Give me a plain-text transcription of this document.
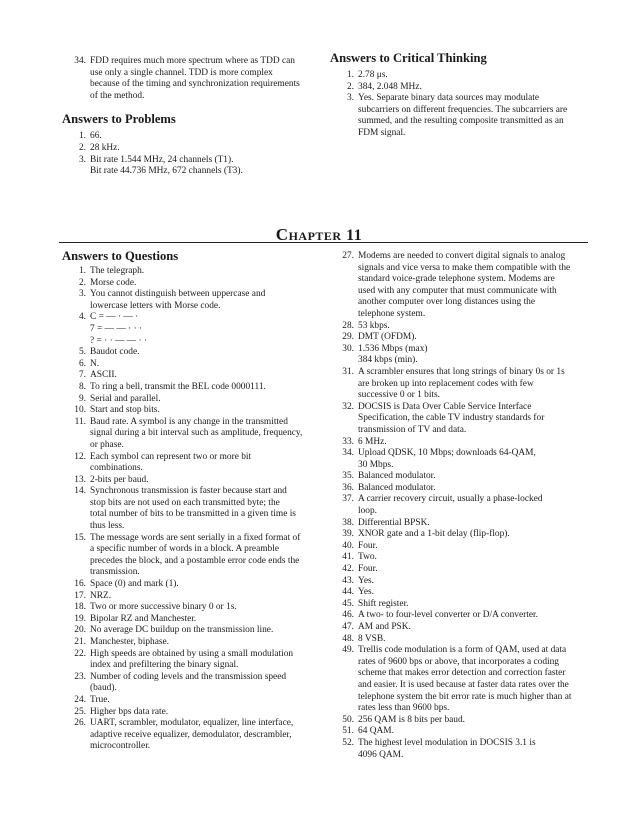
34. FDD requires much more spectrum where as TDD can
use only a single channel. TDD is more complex
because of the timing and synchronization requirements
of the method.
Answers to Problems
1. 66.
2. 28 kHz.
3. Bit rate 1.544 MHz, 24 channels (T1).
Bit rate 44.736 MHz, 672 channels (T3).
Answers to Critical Thinking
1. 2.78 μs.
2. 384, 2.048 MHz.
3. Yes. Separate binary data sources may modulate
subcarriers on different frequencies. The subcarriers are
summed, and the resulting composite transmitted as an
FDM signal.
Chapter 11
Answers to Questions
1. The telegraph.
2. Morse code.
3. You cannot distinguish between uppercase and
lowercase letters with Morse code.
4. C = — · — ·
7 = — — · · ·
? = · · — — · ·
5. Baudot code.
6. N.
7. ASCII.
8. To ring a bell, transmit the BEL code 0000111.
9. Serial and parallel.
10. Start and stop bits.
11. Baud rate. A symbol is any change in the transmitted
signal during a bit interval such as amplitude, frequency,
or phase.
12. Each symbol can represent two or more bit
combinations.
13. 2-bits per baud.
14. Synchronous transmission is faster because start and
stop bits are not used on each transmitted byte; the
total number of bits to be transmitted in a given time is
thus less.
15. The message words are sent serially in a fixed format of
a specific number of words in a block. A preamble
precedes the block, and a postamble error code ends the
transmission.
16. Space (0) and mark (1).
17. NRZ.
18. Two or more successive binary 0 or 1s.
19. Bipolar RZ and Manchester.
20. No average DC buildup on the transmission line.
21. Manchester, biphase.
22. High speeds are obtained by using a small modulation
index and prefiltering the binary signal.
23. Number of coding levels and the transmission speed
(baud).
24. True.
25. Higher bps data rate.
26. UART, scrambler, modulator, equalizer, line interface,
adaptive receive equalizer, demodulator, descrambler,
microcontroller.
27. Modems are needed to convert digital signals to analog
signals and vice versa to make them compatible with the
standard voice-grade telephone system. Modems are
used with any computer that must communicate with
another computer over long distances using the
telephone system.
28. 53 kbps.
29. DMT (OFDM).
30. 1.536 Mbps (max)
384 kbps (min).
31. A scrambler ensures that long strings of binary 0s or 1s
are broken up into replacement codes with few
successive 0 or 1 bits.
32. DOCSIS is Data Over Cable Service Interface
Specification, the cable TV industry standards for
transmission of TV and data.
33. 6 MHz.
34. Upload QDSK, 10 Mbps; downloads 64-QAM,
30 Mbps.
35. Balanced modulator.
36. Balanced modulator.
37. A carrier recovery circuit, usually a phase-locked
loop.
38. Differential BPSK.
39. XNOR gate and a 1-bit delay (flip-flop).
40. Four.
41. Two.
42. Four.
43. Yes.
44. Yes.
45. Shift register.
46. A two- to four-level converter or D/A converter.
47. AM and PSK.
48. 8 VSB.
49. Trellis code modulation is a form of QAM, used at data
rates of 9600 bps or above, that incorporates a coding
scheme that makes error detection and correction faster
and easier. It is used because at faster data rates over the
telephone system the bit error rate is much higher than at
rates less than 9600 bps.
50. 256 QAM is 8 bits per baud.
51. 64 QAM.
52. The highest level modulation in DOCSIS 3.1 is
4096 QAM.
